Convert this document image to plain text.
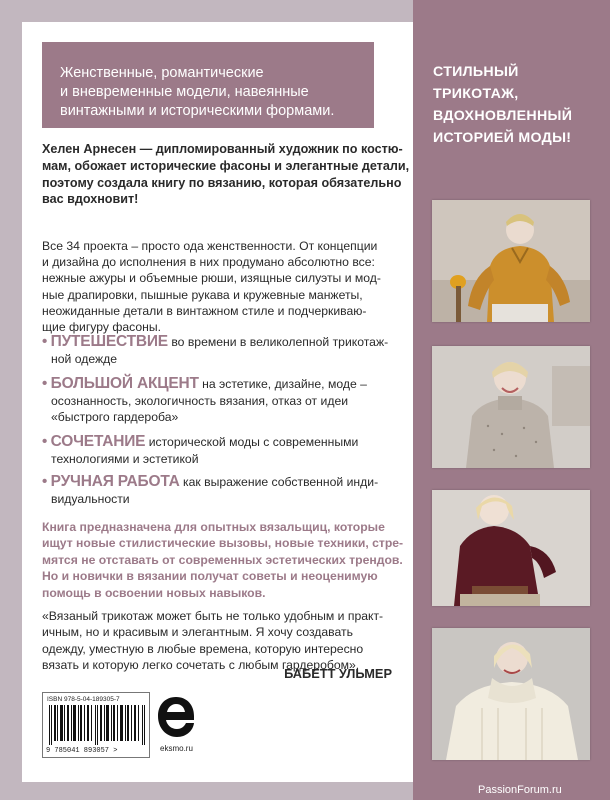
Женственные, романтические
и вневременные модели, навеянные
винтажными и историческими формами.
Хелен Арнесен — дипломированный художник по костю-
мам, обожает исторические фасоны и элегантные детали,
поэтому создала книгу по вязанию, которая обязательно
вас вдохновит!
Все 34 проекта – просто ода женственности. От концепции
и дизайна до исполнения в них продумано абсолютно все:
нежные ажуры и объемные рюши, изящные силуэты и мод-
ные драпировки, пышные рукава и кружевные манжеты,
неожиданные детали в винтажном стиле и подчеркиваю-
щие фигуру фасоны.
• ПУТЕШЕСТВИЕ во времени в великолепной трикотаж-
ной одежде
• БОЛЬШОЙ АКЦЕНТ на эстетике, дизайне, моде –
осознанность, экологичность вязания, отказ от идеи
«быстрого гардероба»
• СОЧЕТАНИЕ исторической моды с современными
технологиями и эстетикой
• РУЧНАЯ РАБОТА как выражение собственной инди-
видуальности
Книга предназначена для опытных вязальщиц, которые
ищут новые стилистические вызовы, новые техники, стре-
мятся не отставать от современных эстетических трендов.
Но и новички в вязании получат советы и неоценимую
помощь в освоении новых навыков.
«Вязаный трикотаж может быть не только удобным и практ-
ичным, но и красивым и элегантным. Я хочу создавать
одежду, уместную в любые времена, которую интересно
вязать и которую легко сочетать с любым гардеробом».
БАБЕТТ УЛЬМЕР
ISBN 978-5-04-189305-7
9 785041 893057 >	eksmo.ru
СТИЛЬНЫЙ
ТРИКОТАЖ,
ВДОХНОВЛЕННЫЙ
ИСТОРИЕЙ МОДЫ!
PassionForum.ru
